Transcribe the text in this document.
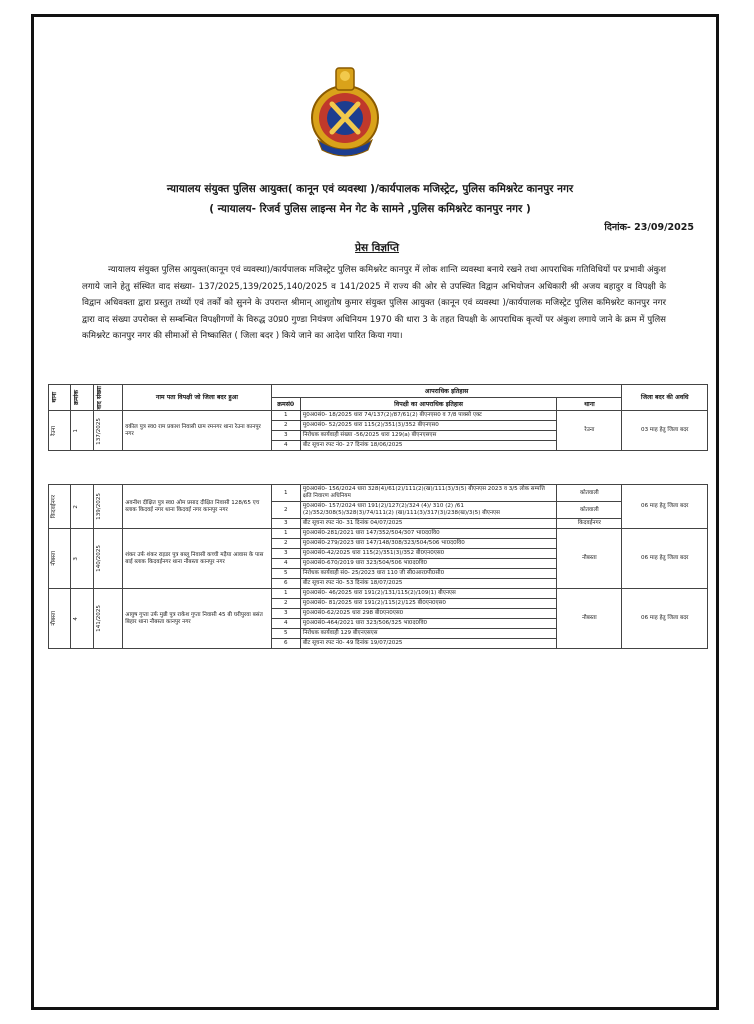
न्यायालय संयुक्त पुलिस आयुक्त( कानून एवं व्यवस्था )/कार्यपालक मजिस्ट्रेट, पुलिस कमिश्नरेट कानपुर नगर
( न्यायालय- रिजर्व पुलिस लाइन्स मेन गेट के सामने ,पुलिस कमिश्नरेट कानपुर नगर )
दिनांक- 23/09/2025
प्रेस विज्ञप्ति
न्यायालय संयुक्त पुलिस आयुक्त(कानून एवं व्यवस्था)/कार्यपालक मजिस्ट्रेट पुलिस कमिश्नरेट कानपुर में लोक शान्ति व्यवस्था बनाये रखने तथा आपराधिक गतिविधियों पर प्रभावी अंकुश लगाये जाने हेतु संस्थित वाद संख्या- 137/2025,139/2025,140/2025 व 141/2025 में राज्य की ओर से उपस्थित विद्वान अभियोजन अधिकारी श्री अजय बहादुर व विपक्षी के विद्वान अधिवक्ता द्वारा प्रस्तुत तथ्यों एवं तर्कों को सुनने के उपरान्त श्रीमान् आशुतोष कुमार संयुक्त पुलिस आयुक्त (कानून एवं व्यवस्था )/कार्यपालक मजिस्ट्रेट पुलिस कमिश्नरेट कानपुर नगर द्वारा वाद संख्या उपरोक्त से सम्बन्धित विपक्षीगणों के विरुद्ध उ0प्र0 गुण्डा नियंत्रण अधिनियम 1970 की धारा 3 के तहत विपक्षी के आपराधिक कृत्यों पर अंकुश लगाये जाने के क्रम में पुलिस कमिश्नरेट कानपुर नगर की सीमाओं से निष्कासित ( जिला बदर ) किये जाने का आदेश पारित किया गया।
थाना	क्रमांक	वाद संख्या	नाम पता विपक्षी जो जिला बदर हुआ	आपराधिक इतिहास			जिला बदर की अवधि
				क्रमसं0	विपक्षी का आपराधिक इतिहास	थाना	

रेउना	1	137/2025	वकील पुत्र स्व0 राम प्रकाश निवासी ग्राम रमनगर थाना रेउना कानपुर नगर	1	मु0अ0सं0- 18/2025 धारा 74/137(2)/87/61(2) बीएनएस0 व 7/8 पाक्सो एक्ट	रेउना	03 माह हेतु जिला बदर
				2	मु0अ0सं0- 52/2025 धारा 115(2)/351(3)/352 बीएनएस0		
				3	निरोधक कार्यवाही संख्या -56/2025 धारा 129(a) बीएनएसएस		
				4	बीट सूचना रपट नं0- 27 दिनांक 18/06/2025		
किदवईनगर	2	139/2025	अवनीश दीक्षित पुत्र स्व0 ओम प्रसाद दीक्षित निवासी 128/65 एच ब्लाक किदवई नगर थाना किदवई नगर कानपुर नगर	1	मु0अ0सं0- 156/2024 धारा 328(4)/61(2)/111(2)(ख)/111(3)/3(5) बीएनएस 2023 व 3/5 लोक सम्पत्ति क्षति निवारण अधिनियम	कोतवाली	06 माह हेतु जिला बदर
				2	मु0अ0सं0- 157/2024 धारा 191(2)/127(2)/324 (4)/ 310 (2) /61 (2)/352/308(5)/328(3)/74/111(2) (ख)/111(3)/317(3)/238(ख)/3(5) बीएनएस	कोतवाली	
				3	बीट सूचना रपट नं0- 31 दिनांक 04/07/2025	किदवईनगर	

नौबस्ता	3	140/2025	शंकर उर्फ शंकर राइडर पुत्र बब्लू निवासी कच्ची मड़ैया आवास के पास बाई ब्लाक किदवईनगर थाना नौबस्ता कानपुर नगर	1	मु0अ0सं0-281/2021 धारा 147/352/504/307 भा0द0वि0	नौबस्ता	06 माह हेतु जिला बदर
				2	मु0अ0सं0-279/2023 धारा 147/148/308/323/504/506 भा0द0वि0		
				3	मु0अ0सं0-42/2025 धारा 115(2)/351(3)/352 बी0एन0एस0		
				4	मु0अ0सं0-670/2019 धारा 323/504/506 भा0द0वि0		
				5	निरोधक कार्यवाही सं0- 25/2023 धारा 110 जी सी0आर0पी0सी0		
				6	बीट सूचना रपट नं0- 53 दिनांक 18/07/2025		

नौबस्ता	4	141/2025	आयुष गुप्ता उर्फ मुन्नी पुत्र राकेश गुप्ता निवासी 45 बी घरीपुरवा बसंत बिहार थाना नौबस्ता कानपुर नगर	1	मु0अ0सं0- 46/2025 धारा 191(2)/131/115(2)/109(1) बीएनएस	नौबस्ता	06 माह हेतु जिला बदर
				2	मु0अ0सं0- 81/2025 धारा 191(2)/115(2)/125 बी0एन0एस0		
				3	मु0अ0सं0-62/2025 धारा 298 बी0एन0एस0		
				4	मु0अ0सं0-464/2021 धारा 323/506/325 भा0द0वि0		
				5	निरोधक कार्यवाही 129 बीएनएसएस		
				6	बीट सूचना रपट नं0- 49 दिनांक 19/07/2025		
